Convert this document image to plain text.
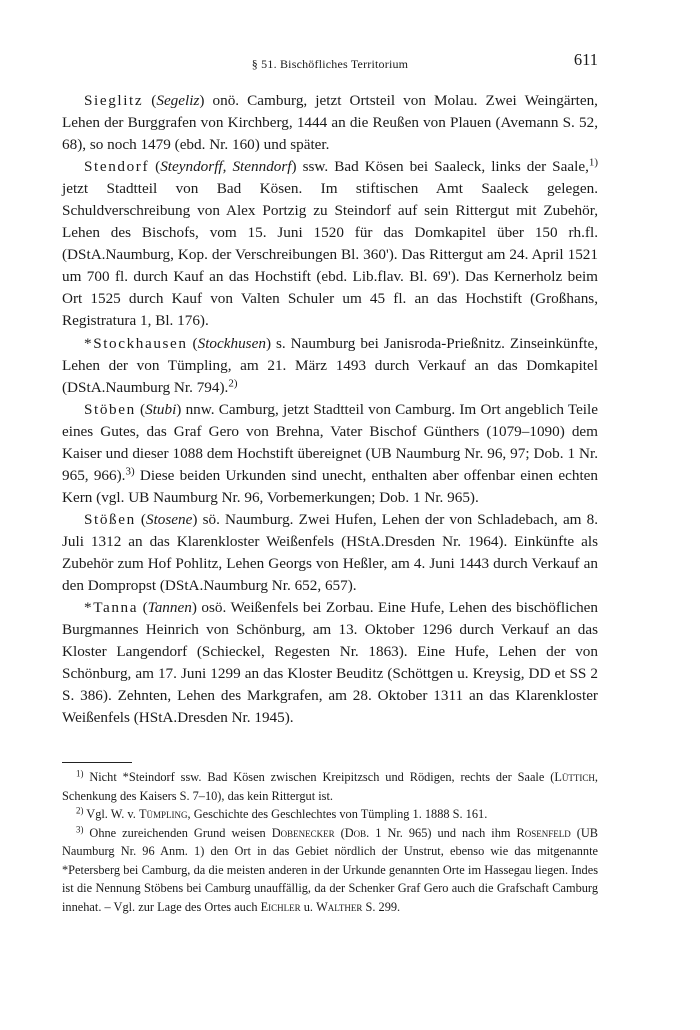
§ 51. Bischöfliches Territorium	611

Sieglitz (Segeliz) onö. Camburg, jetzt Ortsteil von Molau. Zwei Weingärten, Lehen der Burggrafen von Kirchberg, 1444 an die Reußen von Plauen (Avemann S. 52, 68), so noch 1479 (ebd. Nr. 160) und später.

Stendorf (Steyndorff, Stenndorf) ssw. Bad Kösen bei Saaleck, links der Saale,$^{1)}$ jetzt Stadtteil von Bad Kösen. Im stiftischen Amt Saaleck gelegen. Schuldverschreibung von Alex Portzig zu Steindorf auf sein Rittergut mit Zubehör, Lehen des Bischofs, vom 15. Juni 1520 für das Domkapitel über 150 rh.fl. (DStA.Naumburg, Kop. der Verschreibungen Bl. 360'). Das Rittergut am 24. April 1521 um 700 fl. durch Kauf an das Hochstift (ebd. Lib.flav. Bl. 69'). Das Kernerholz beim Ort 1525 durch Kauf von Valten Schuler um 45 fl. an das Hochstift (Großhans, Registratura 1, Bl. 176).

*Stockhausen (Stockhusen) s. Naumburg bei Janisroda-Prießnitz. Zinseinkünfte, Lehen der von Tümpling, am 21. März 1493 durch Verkauf an das Domkapitel (DStA.Naumburg Nr. 794).$^{2)}$

Stöben (Stubi) nnw. Camburg, jetzt Stadtteil von Camburg. Im Ort angeblich Teile eines Gutes, das Graf Gero von Brehna, Vater Bischof Günthers (1079–1090) dem Kaiser und dieser 1088 dem Hochstift übereignet (UB Naumburg Nr. 96, 97; Dob. 1 Nr. 965, 966).$^{3)}$ Diese beiden Urkunden sind unecht, enthalten aber offenbar einen echten Kern (vgl. UB Naumburg Nr. 96, Vorbemerkungen; Dob. 1 Nr. 965).

Stößen (Stosene) sö. Naumburg. Zwei Hufen, Lehen der von Schladebach, am 8. Juli 1312 an das Klarenkloster Weißenfels (HStA.Dresden Nr. 1964). Einkünfte als Zubehör zum Hof Pohlitz, Lehen Georgs von Heßler, am 4. Juni 1443 durch Verkauf an den Dompropst (DStA.Naumburg Nr. 652, 657).

*Tanna (Tannen) osö. Weißenfels bei Zorbau. Eine Hufe, Lehen des bischöflichen Burgmannes Heinrich von Schönburg, am 13. Oktober 1296 durch Verkauf an das Kloster Langendorf (Schieckel, Regesten Nr. 1863). Eine Hufe, Lehen der von Schönburg, am 17. Juni 1299 an das Kloster Beuditz (Schöttgen u. Kreysig, DD et SS 2 S. 386). Zehnten, Lehen des Markgrafen, am 28. Oktober 1311 an das Klarenkloster Weißenfels (HStA.Dresden Nr. 1945).

$^{1)}$ Nicht *Steindorf ssw. Bad Kösen zwischen Kreipitzsch und Rödigen, rechts der Saale (Lüttich, Schenkung des Kaisers S. 7–10), das kein Rittergut ist.

$^{2)}$ Vgl. W. v. Tümpling, Geschichte des Geschlechtes von Tümpling 1. 1888 S. 161.

$^{3)}$ Ohne zureichenden Grund weisen Dobenecker (Dob. 1 Nr. 965) und nach ihm Rosenfeld (UB Naumburg Nr. 96 Anm. 1) den Ort in das Gebiet nördlich der Unstrut, ebenso wie das mitgenannte *Petersberg bei Camburg, da die meisten anderen in der Urkunde genannten Orte im Hassegau liegen. Indes ist die Nennung Stöbens bei Camburg unauffällig, da der Schenker Graf Gero auch die Grafschaft Camburg innehat. – Vgl. zur Lage des Ortes auch Eichler u. Walther S. 299.
